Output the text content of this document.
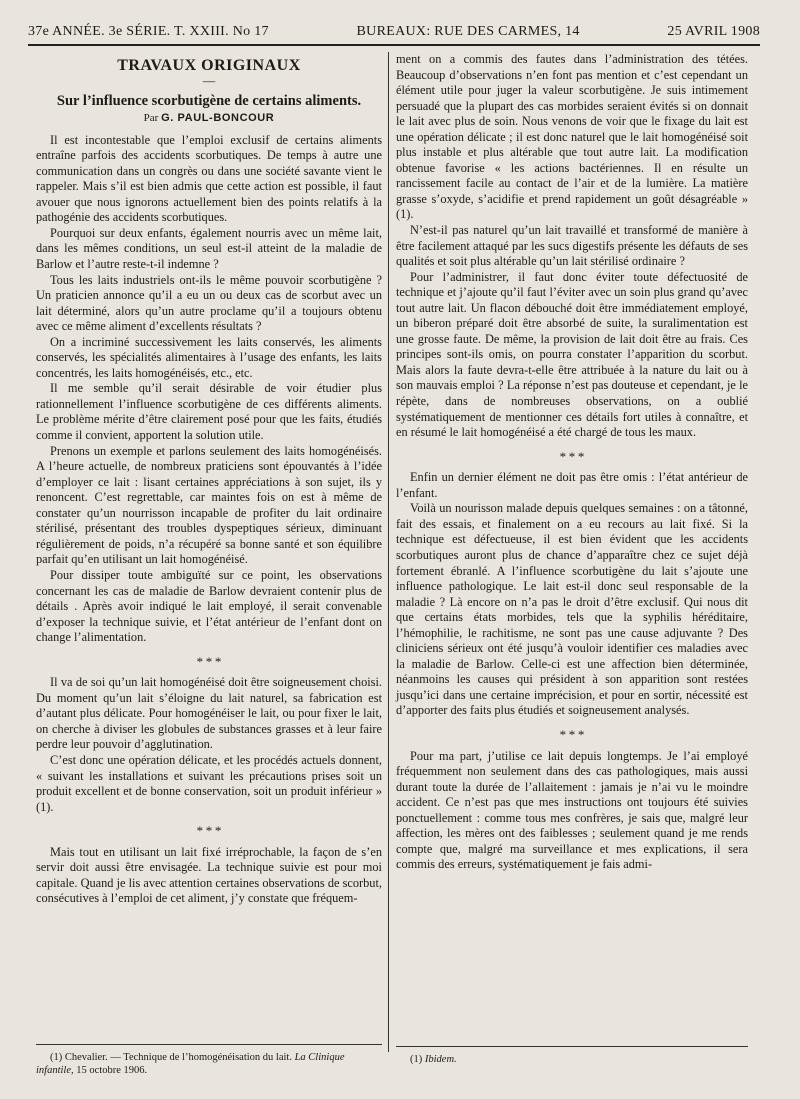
37e ANNÉE. 3e SÉRIE. T. XXIII. No 17	BUREAUX: RUE DES CARMES, 14	25 AVRIL 1908
TRAVAUX ORIGINAUX
—
Sur l’influence scorbutigène de certains aliments.
Par G. PAUL-BONCOUR

Il est incontestable que l’emploi exclusif de certains aliments entraîne parfois des accidents scorbutiques. De temps à autre une communication dans un congrès ou dans une société savante vient le rappeler. Mais s’il est bien admis que cette action est possible, il faut avouer que nous ignorons actuellement bien des points relatifs à la pathogénie des accidents scorbutiques.

Pourquoi sur deux enfants, également nourris avec un même lait, dans les mêmes conditions, un seul est-il atteint de la maladie de Barlow et l’autre reste-t-il indemne ?

Tous les laits industriels ont-ils le même pouvoir scorbutigène ? Un praticien annonce qu’il a eu un ou deux cas de scorbut avec un lait déterminé, alors qu’un autre proclame qu’il a toujours obtenu avec ce même aliment d’excellents résultats ?

On a incriminé successivement les laits conservés, les aliments conservés, les spécialités alimentaires à l’usage des enfants, les laits concentrés, les laits homogénéisés, etc., etc.

Il me semble qu’il serait désirable de voir étudier plus rationnellement l’influence scorbutigène de ces différents aliments. Le problème mérite d’être clairement posé pour que les faits, étudiés comme il convient, apportent la solution utile.

Prenons un exemple et parlons seulement des laits homogénéisés. A l’heure actuelle, de nombreux praticiens sont épouvantés à l’idée d’employer ce lait : lisant certaines appréciations à son sujet, ils y renoncent. C’est regrettable, car maintes fois on est à même de constater qu’un nourrisson incapable de profiter du lait ordinaire stérilisé, présentant des troubles dyspeptiques sérieux, diminuant régulièrement de poids, n’a récupéré sa bonne santé et son équilibre parfait qu’en utilisant un lait homogénéisé.

Pour dissiper toute ambiguïté sur ce point, les observations concernant les cas de maladie de Barlow devraient contenir plus de détails . Après avoir indiqué le lait employé, il serait convenable d’exposer la technique suivie, et l’état antérieur de l’enfant dont on change l’alimentation.

* * *

Il va de soi qu’un lait homogénéisé doit être soigneusement choisi. Du moment qu’un lait s’éloigne du lait naturel, sa fabrication est d’autant plus délicate. Pour homogénéiser le lait, ou pour fixer le lait, on cherche à diviser les globules de substances grasses et à leur faire perdre leur pouvoir d’agglutination.

C’est donc une opération délicate, et les procédés actuels donnent, « suivant les installations et suivant les précautions prises soit un produit excellent et de bonne conservation, soit un produit inférieur » (1).

* * *

Mais tout en utilisant un lait fixé irréprochable, la façon de s’en servir doit aussi être envisagée. La technique suivie est pour moi capitale. Quand je lis avec attention certaines observations de scorbut, consécutives à l’emploi de cet aliment, j’y constate que fréquem-

(1) Chevalier. — Technique de l’homogénéisation du lait. La Clinique infantile, 15 octobre 1906.

ment on a commis des fautes dans l’administration des tétées. Beaucoup d’observations n’en font pas mention et c’est cependant un élément utile pour juger la valeur scorbutigène. Je suis intimement persuadé que la plupart des cas morbides seraient évités si on donnait le lait avec plus de soin. Nous venons de voir que le fixage du lait est une opération délicate ; il est donc naturel que le lait homogénéisé soit plus instable et plus altérable que tout autre lait. La modification obtenue favorise « les actions bactériennes. Il en résulte un rancissement facile au contact de l’air et de la lumière. La matière grasse s’oxyde, s’acidifie et prend rapidement un goût désagréable » (1).

N’est-il pas naturel qu’un lait travaillé et transformé de manière à être facilement attaqué par les sucs digestifs présente les défauts de ses qualités et soit plus altérable qu’un lait stérilisé ordinaire ?

Pour l’administrer, il faut donc éviter toute défectuosité de technique et j’ajoute qu’il faut l’éviter avec un soin plus grand qu’avec tout autre lait. Un flacon débouché doit être immédiatement employé, un biberon préparé doit être absorbé de suite, la suralimentation est une grosse faute. De même, la provision de lait doit être au frais. Ces principes sont-ils omis, on pourra constater l’apparition du scorbut. Mais alors la faute devra-t-elle être attribuée à la nature du lait ou à son mauvais emploi ? La réponse n’est pas douteuse et cependant, je le répète, dans de nombreuses observations, on a oublié systématiquement de mentionner ces détails fort utiles à connaître, et en résumé le lait homogénéisé a été chargé de tous les maux.

* * *

Enfin un dernier élément ne doit pas être omis : l’état antérieur de l’enfant.

Voilà un nourisson malade depuis quelques semaines : on a tâtonné, fait des essais, et finalement on a eu recours au lait fixé. Si la technique est défectueuse, il est bien évident que les accidents scorbutiques auront plus de chance d’apparaître chez ce sujet déjà fortement ébranlé. A l’influence scorbutigène du lait s’ajoute une influence pathologique. Le lait est-il donc seul responsable de la maladie ? Là encore on n’a pas le droit d’être exclusif. Qui nous dit que certains états morbides, tels que la syphilis héréditaire, l’hémophilie, le rachitisme, ne sont pas une cause adjuvante ? Des cliniciens sérieux ont été jusqu’à vouloir identifier ces maladies avec la maladie de Barlow. Celle-ci est une affection bien déterminée, néanmoins les causes qui président à son apparition sont restées jusqu’ici dans une certaine imprécision, et pour en sortir, nécessité est d’apporter des faits plus étudiés et soigneusement analysés.

* * *

Pour ma part, j’utilise ce lait depuis longtemps. Je l’ai employé fréquemment non seulement dans des cas pathologiques, mais aussi durant toute la durée de l’allaitement : jamais je n’ai vu le moindre accident. Ce n’est pas que mes instructions ont toujours été suivies ponctuellement : comme tous mes confrères, je sais que, malgré leur affection, les mères ont des faiblesses ; seulement quand je me rends compte que, malgré ma surveillance et mes explications, il sera commis des erreurs, systématiquement je fais admi-

(1) Ibidem.
